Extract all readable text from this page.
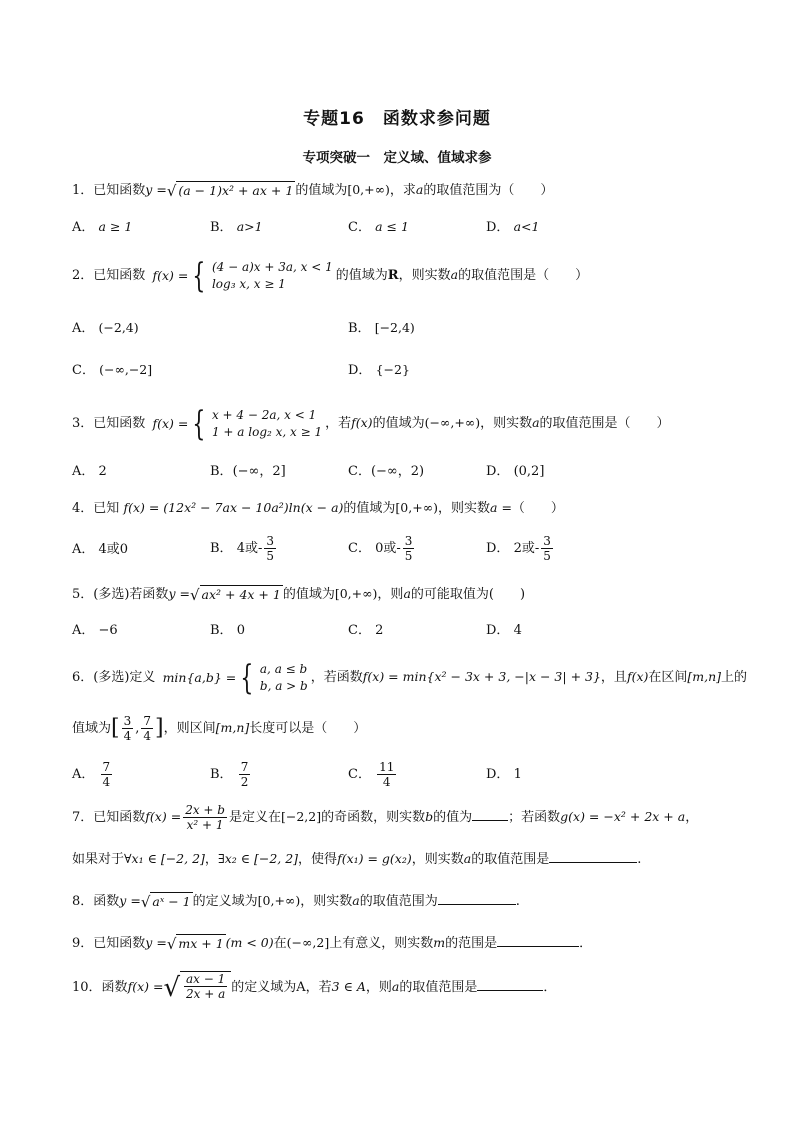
专题16　函数求参问题
专项突破一　定义域、值域求参
1．已知函数y = √ (a − 1)x² + ax + 1 的值域为[0,+∞)，求a的取值范围为（　　）
A． a ≥ 1	B． a>1	C． a ≤ 1	D． a<1
2．已知函数 f(x) = { (4 − a)x + 3a, x < 1
log₃ x, x ≥ 1
的值域为R，则实数a的取值范围是（　　）
A． (−2,4)	B． [−2,4)
C． (−∞,−2]	D． {−2}
3．已知函数 f(x) = { x + 4 − 2a, x < 1
1 + a log₂ x, x ≥ 1
，若f(x)的值域为(−∞,+∞)，则实数a的取值范围是（　　）
A． 2	B．(−∞，2]	C．(−∞，2)	D． (0,2]
4．已知 f(x) = (12x² − 7ax − 10a²)ln(x − a)的值域为[0,+∞)，则实数a =（　　）
A． 4或0	B． 4或- $\frac{3}{5}$	C． 0或- $\frac{3}{5}$	D． 2或- $\frac{3}{5}$
5．(多选)若函数y = √ ax² + 4x + 1 的值域为[0,+∞)，则a的可能取值为(　　)
A． −6	B． 0	C． 2	D． 4
6．(多选)定义 min{a,b} = { a, a ≤ b
b, a > b
，若函数f(x) = min{x² − 3x + 3, −|x − 3| + 3}，且f(x)在区间[m,n]上的
值域为[ $\frac{3}{4}$ , $\frac{7}{4}$ ]，则区间[m,n]长度可以是（　　）
A． $\frac{7}{4}$	B． $\frac{7}{2}$	C． $\frac{11}{4}$	D． 1
7．已知函数$f(x) = \frac{2x + b}{\text{x² + 1}}$ 是定义在[−2,2]的奇函数，则实数b的值为	；若函数g(x) = −x² + 2x + a，
如果对于∀x₁ ∈ [−2, 2]，∃x₂ ∈ [−2, 2]，使得f(x₁) = g(x₂)，则实数a的取值范围是	.
8．函数y = √ aˣ − 1 的定义域为[0,+∞)，则实数a的取值范围为	.
9．已知函数y = √ mx + 1 (m < 0)在(−∞,2]上有意义，则实数m的范围是	．
10．函数f(x) = √ $\frac{ax - 1}{2x + a}$ 的定义域为A，若3 ∈ A，则a的取值范围是	．
